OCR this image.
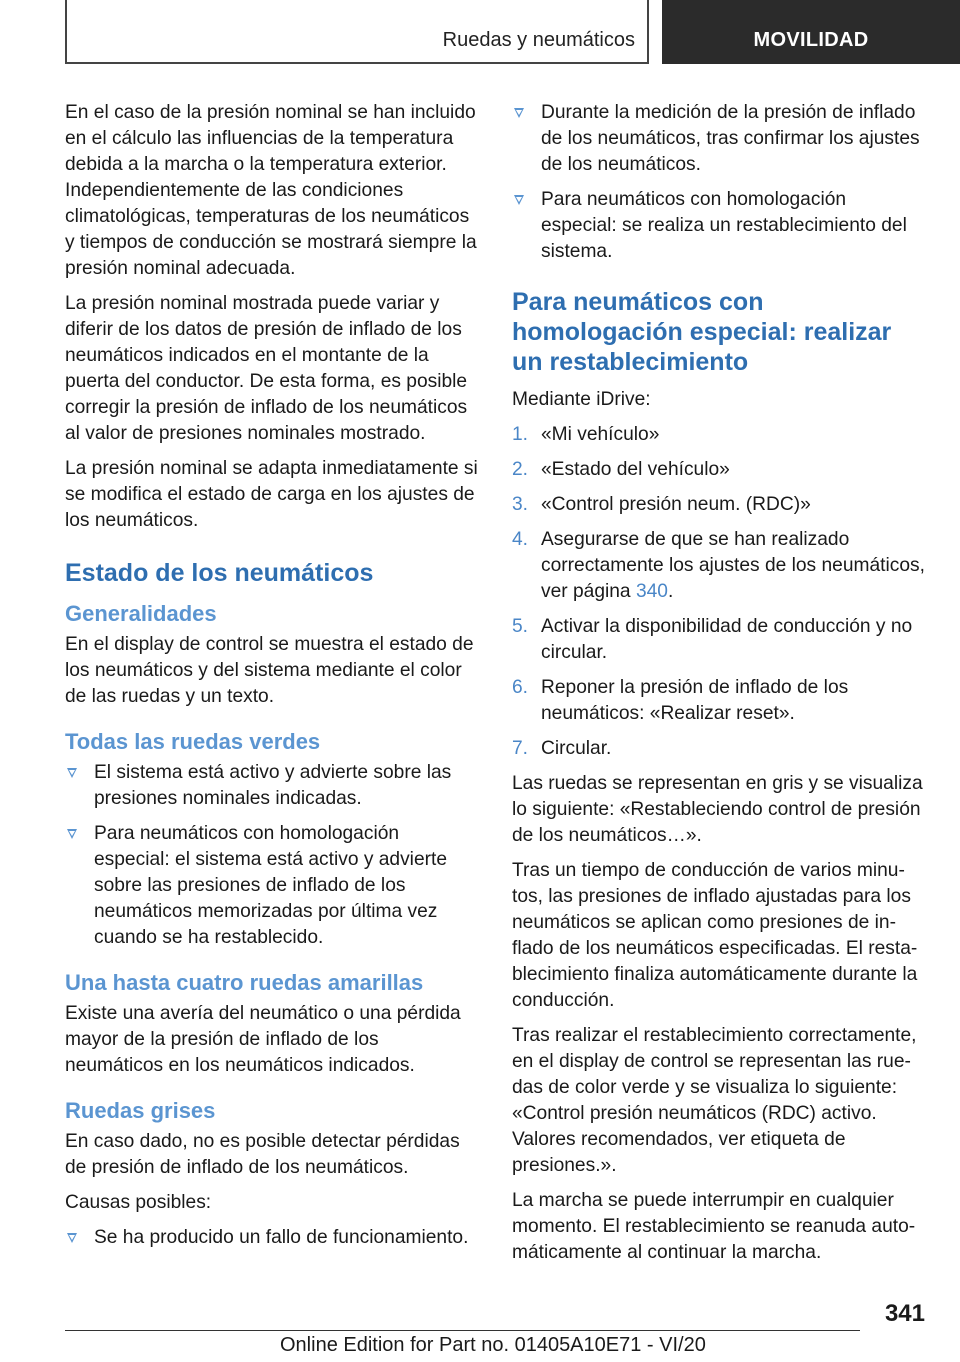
Ruedas y neumáticos	MOVILIDAD

En el caso de la presión nominal se han incluido en el cálculo las influencias de la temperatura debida a la marcha o la temperatura exterior. Independientemente de las condiciones climatológicas, temperaturas de los neumáticos y tiempos de conducción se mostrará siempre la presión nominal adecuada.

La presión nominal mostrada puede variar y diferir de los datos de presión de inflado de los neumáticos indicados en el montante de la puerta del conductor. De esta forma, es posible corregir la presión de inflado de los neumáticos al valor de presiones nominales mostrado.

La presión nominal se adapta inmediatamente si se modifica el estado de carga en los ajustes de los neumáticos.

Estado de los neumáticos
Generalidades

En el display de control se muestra el estado de los neumáticos y del sistema mediante el color de las ruedas y un texto.

Todas las ruedas verdes
El sistema está activo y advierte sobre las presiones nominales indicadas.
Para neumáticos con homologación especial: el sistema está activo y advierte sobre las presiones de inflado de los neumáticos memorizadas por última vez cuando se ha restablecido.
Una hasta cuatro ruedas amarillas

Existe una avería del neumático o una pérdida mayor de la presión de inflado de los neumáticos en los neumáticos indicados.

Ruedas grises

En caso dado, no es posible detectar pérdidas de presión de inflado de los neumáticos.

Causas posibles:

Se ha producido un fallo de funcionamiento.
Durante la medición de la presión de inflado de los neumáticos, tras confirmar los ajustes de los neumáticos.
Para neumáticos con homologación especial: se realiza un restablecimiento del sistema.
Para neumáticos con homologación especial: realizar un restablecimiento

Mediante iDrive:

1. «Mi vehículo»
2. «Estado del vehículo»
3. «Control presión neum. (RDC)»
4. Asegurarse de que se han realizado correctamente los ajustes de los neumáticos, ver página 340.
5. Activar la disponibilidad de conducción y no circular.
6. Reponer la presión de inflado de los neumáticos: «Realizar reset».
7. Circular.

Las ruedas se representan en gris y se visualiza lo siguiente: «Restableciendo control de presión de los neumáticos…».

Tras un tiempo de conducción de varios minutos, las presiones de inflado ajustadas para los neumáticos se aplican como presiones de inflado de los neumáticos especificadas. El restablecimiento finaliza automáticamente durante la conducción.

Tras realizar el restablecimiento correctamente, en el display de control se representan las ruedas de color verde y se visualiza lo siguiente: «Control presión neumáticos (RDC) activo. Valores recomendados, ver etiqueta de presiones.».

La marcha se puede interrumpir en cualquier momento. El restablecimiento se reanuda automáticamente al continuar la marcha.

341
Online Edition for Part no. 01405A10E71 - VI/20
